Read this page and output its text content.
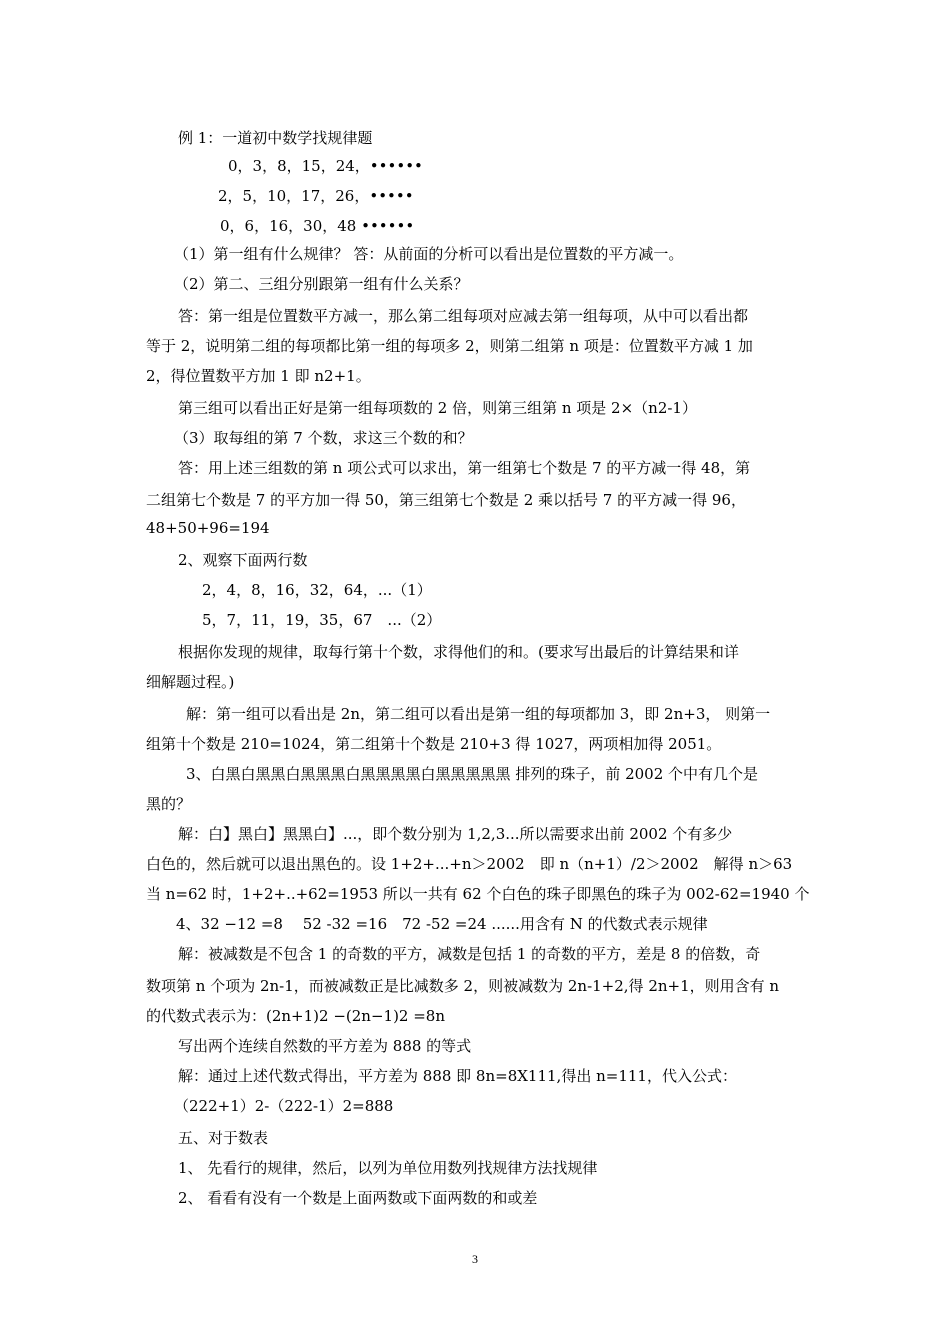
例 1：一道初中数学找规律题
0，3，8，15，24，••••••
2，5，10，17，26，•••••
0，6，16，30，48 ••••••
（1）第一组有什么规律？ 答：从前面的分析可以看出是位置数的平方减一。
（2）第二、三组分别跟第一组有什么关系？
答：第一组是位置数平方减一，那么第二组每项对应减去第一组每项，从中可以看出都
等于 2，说明第二组的每项都比第一组的每项多 2，则第二组第 n 项是：位置数平方减 1 加
2，得位置数平方加 1 即 n2+1。
第三组可以看出正好是第一组每项数的 2 倍，则第三组第 n 项是 2×（n2-1）
（3）取每组的第 7 个数，求这三个数的和？
答：用上述三组数的第 n 项公式可以求出，第一组第七个数是 7 的平方减一得 48，第
二组第七个数是 7 的平方加一得 50，第三组第七个数是 2 乘以括号 7 的平方减一得 96，
48+50+96=194
2、观察下面两行数
2，4，8，16，32，64，...（1）
5，7，11，19，35，67　...（2）
根据你发现的规律，取每行第十个数，求得他们的和。(要求写出最后的计算结果和详
细解题过程。)
解：第一组可以看出是 2n，第二组可以看出是第一组的每项都加 3，即 2n+3， 则第一
组第十个数是 210=1024，第二组第十个数是 210+3 得 1027，两项相加得 2051。
3、白黑白黑黑白黑黑黑白黑黑黑黑白黑黑黑黑黑 排列的珠子，前 2002 个中有几个是
黑的？
解：白】黑白】黑黑白】...，即个数分别为 1,2,3...所以需要求出前 2002 个有多少
白色的，然后就可以退出黑色的。设 1+2+...+n＞2002　即 n（n+1）/2＞2002　解得 n＞63
当 n=62 时，1+2+..+62=1953 所以一共有 62 个白色的珠子即黑色的珠子为 002-62=1940 个
4、32 −12 =8　 52 -32 =16　72 -52 =24 ......用含有 N 的代数式表示规律
解：被减数是不包含 1 的奇数的平方，减数是包括 1 的奇数的平方，差是 8 的倍数，奇
数项第 n 个项为 2n-1，而被减数正是比减数多 2，则被减数为 2n-1+2,得 2n+1，则用含有 n
的代数式表示为：(2n+1)2 −(2n−1)2 =8n
写出两个连续自然数的平方差为 888 的等式
解：通过上述代数式得出，平方差为 888 即 8n=8X111,得出 n=111，代入公式：
（222+1）2-（222-1）2=888
五、对于数表
1、 先看行的规律，然后，以列为单位用数列找规律方法找规律
2、 看看有没有一个数是上面两数或下面两数的和或差
3
